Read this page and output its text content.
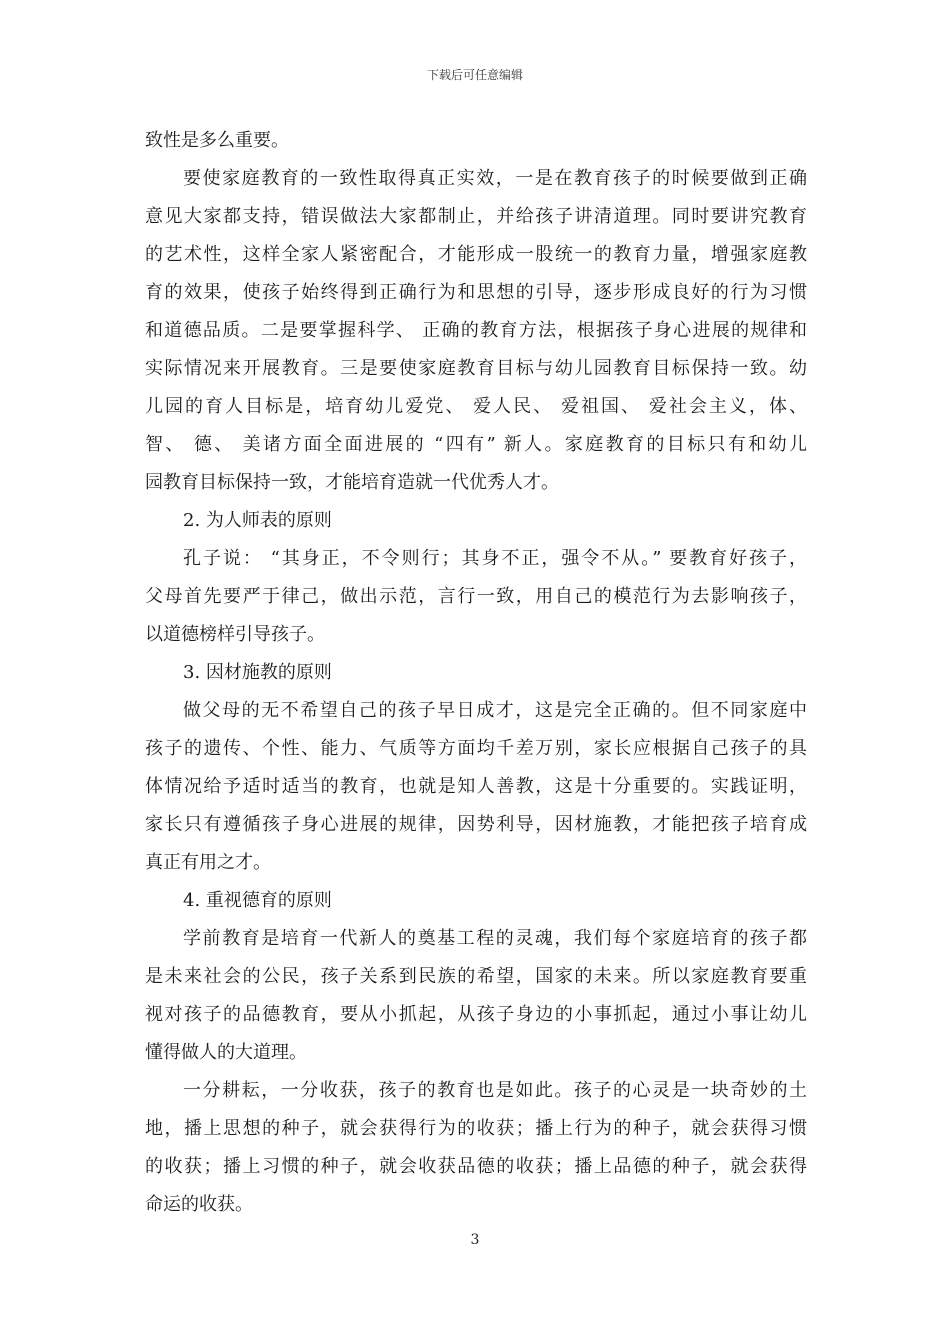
下载后可任意编辑
致性是多么重要。
要使家庭教育的一致性取得真正实效，一是在教育孩子的时候要做到正确
意见大家都支持，错误做法大家都制止，并给孩子讲清道理。同时要讲究教育
的艺术性，这样全家人紧密配合，才能形成一股统一的教育力量，增强家庭教
育的效果，使孩子始终得到正确行为和思想的引导，逐步形成良好的行为习惯
和道德品质。二是要掌握科学、 正确的教育方法，根据孩子身心进展的规律和
实际情况来开展教育。三是要使家庭教育目标与幼儿园教育目标保持一致。幼
儿园的育人目标是，培育幼儿爱党、 爱人民、 爱祖国、 爱社会主义，体、
智、 德、 美诸方面全面进展的 “四有” 新人。家庭教育的目标只有和幼儿
园教育目标保持一致，才能培育造就一代优秀人才。
2. 为人师表的原则
孔子说： “其身正，不令则行；其身不正，强令不从。” 要教育好孩子，
父母首先要严于律己，做出示范，言行一致，用自己的模范行为去影响孩子，
以道德榜样引导孩子。
3. 因材施教的原则
做父母的无不希望自己的孩子早日成才，这是完全正确的。但不同家庭中
孩子的遗传、个性、能力、气质等方面均千差万别，家长应根据自己孩子的具
体情况给予适时适当的教育，也就是知人善教，这是十分重要的。实践证明，
家长只有遵循孩子身心进展的规律，因势利导，因材施教，才能把孩子培育成
真正有用之才。
4. 重视德育的原则
学前教育是培育一代新人的奠基工程的灵魂，我们每个家庭培育的孩子都
是未来社会的公民，孩子关系到民族的希望，国家的未来。所以家庭教育要重
视对孩子的品德教育，要从小抓起，从孩子身边的小事抓起，通过小事让幼儿
懂得做人的大道理。
一分耕耘，一分收获，孩子的教育也是如此。孩子的心灵是一块奇妙的土
地，播上思想的种子，就会获得行为的收获；播上行为的种子，就会获得习惯
的收获；播上习惯的种子，就会收获品德的收获；播上品德的种子，就会获得
命运的收获。
3
